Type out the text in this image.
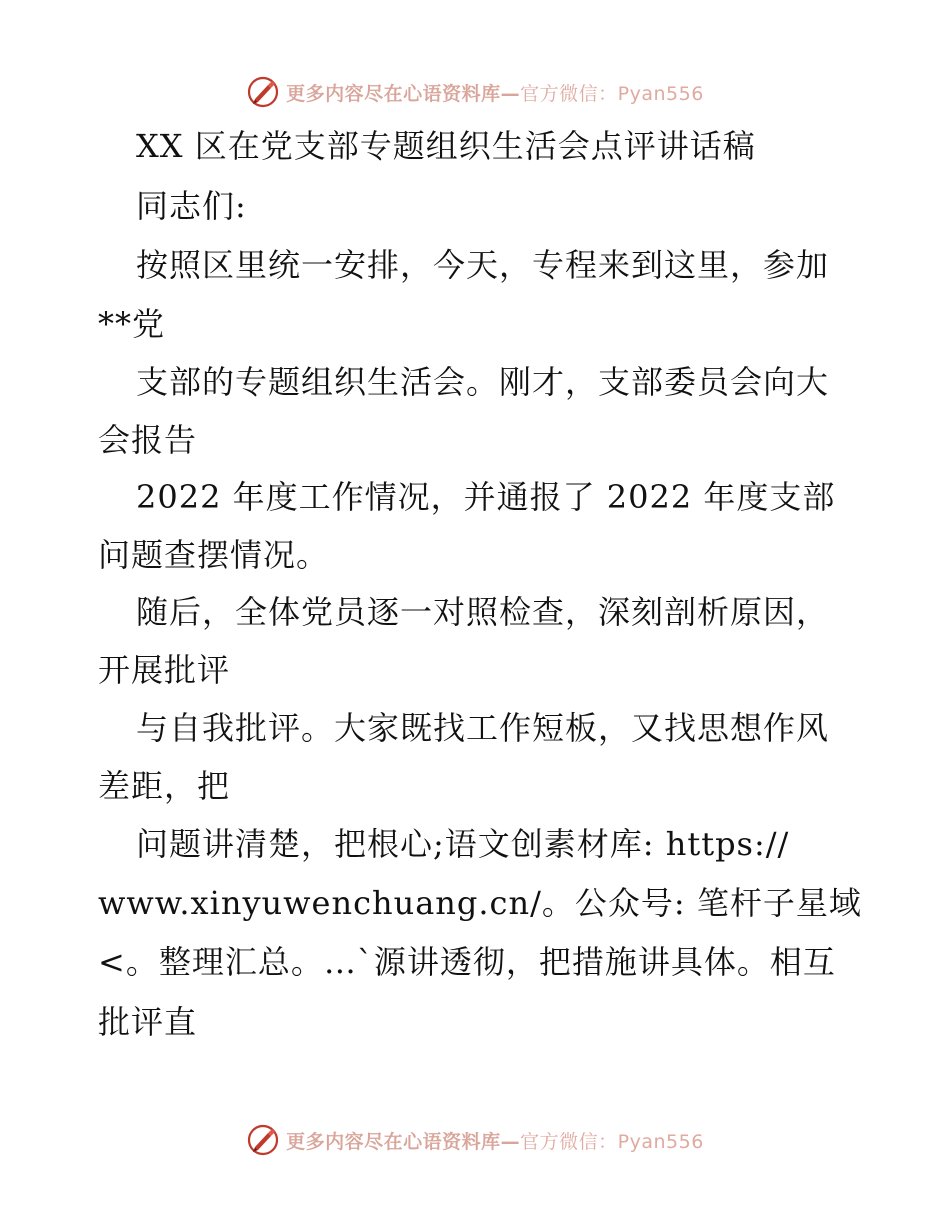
更多内容尽在心语资料库—官方微信：Pyan556
XX 区在党支部专题组织生活会点评讲话稿
同志们:
按照区里统一安排，今天，专程来到这里，参加
**党
支部的专题组织生活会。刚才，支部委员会向大
会报告
2022 年度工作情况，并通报了 2022 年度支部
问题查摆情况。
随后，全体党员逐一对照检查，深刻剖析原因，
开展批评
与自我批评。大家既找工作短板，又找思想作风
差距，把
问题讲清楚，把根心;语文创素材库: https://
www.xinyuwenchuang.cn/。公众号: 笔杆子星域
<。整理汇总。…`源讲透彻，把措施讲具体。相互
批评直
更多内容尽在心语资料库—官方微信：Pyan556
